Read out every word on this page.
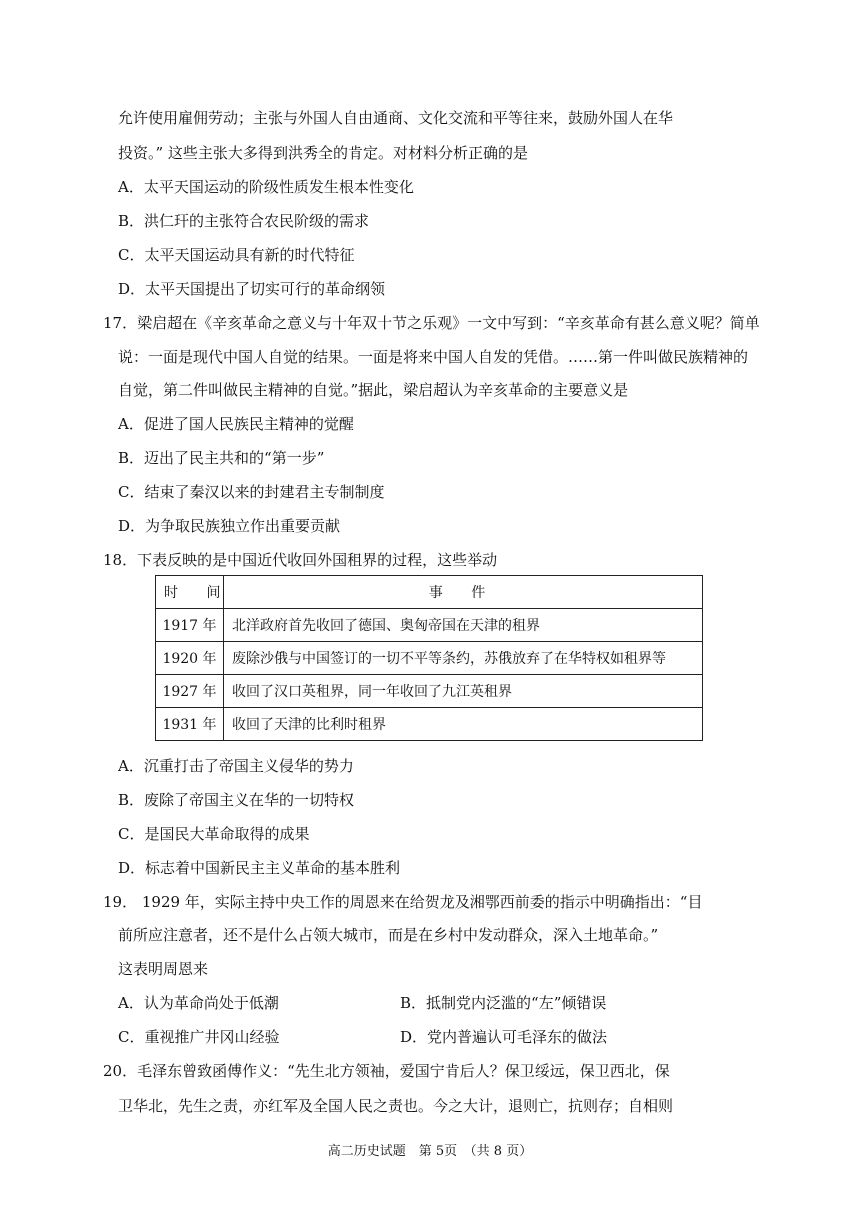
允许使用雇佣劳动；主张与外国人自由通商、文化交流和平等往来，鼓励外国人在华
投资。” 这些主张大多得到洪秀全的肯定。对材料分析正确的是
A．太平天国运动的阶级性质发生根本性变化
B．洪仁玕的主张符合农民阶级的需求
C．太平天国运动具有新的时代特征
D．太平天国提出了切实可行的革命纲领
17．梁启超在《辛亥革命之意义与十年双十节之乐观》一文中写到：“辛亥革命有甚么意义呢？简单
说：一面是现代中国人自觉的结果。一面是将来中国人自发的凭借。……第一件叫做民族精神的
自觉，第二件叫做民主精神的自觉。”据此，梁启超认为辛亥革命的主要意义是
A．促进了国人民族民主精神的觉醒
B．迈出了民主共和的“第一步”
C．结束了秦汉以来的封建君主专制制度
D．为争取民族独立作出重要贡献
18．下表反映的是中国近代收回外国租界的过程，这些举动
时 间	事 件
1917 年	北洋政府首先收回了德国、奥匈帝国在天津的租界
1920 年	废除沙俄与中国签订的一切不平等条约，苏俄放弃了在华特权如租界等
1927 年	收回了汉口英租界，同一年收回了九江英租界
1931 年	收回了天津的比利时租界
A．沉重打击了帝国主义侵华的势力
B．废除了帝国主义在华的一切特权
C．是国民大革命取得的成果
D．标志着中国新民主主义革命的基本胜利
19． 1929 年，实际主持中央工作的周恩来在给贺龙及湘鄂西前委的指示中明确指出：“目
前所应注意者，还不是什么占领大城市，而是在乡村中发动群众，深入土地革命。”
这表明周恩来
A．认为革命尚处于低潮	B．抵制党内泛滥的“左”倾错误
C．重视推广井冈山经验	D．党内普遍认可毛泽东的做法
20．毛泽东曾致函傅作义：“先生北方领袖，爱国宁肯后人？保卫绥远，保卫西北，保
卫华北，先生之责，亦红军及全国人民之责也。今之大计，退则亡，抗则存；自相则
高二历史试题　第 5页　（共 8 页）
